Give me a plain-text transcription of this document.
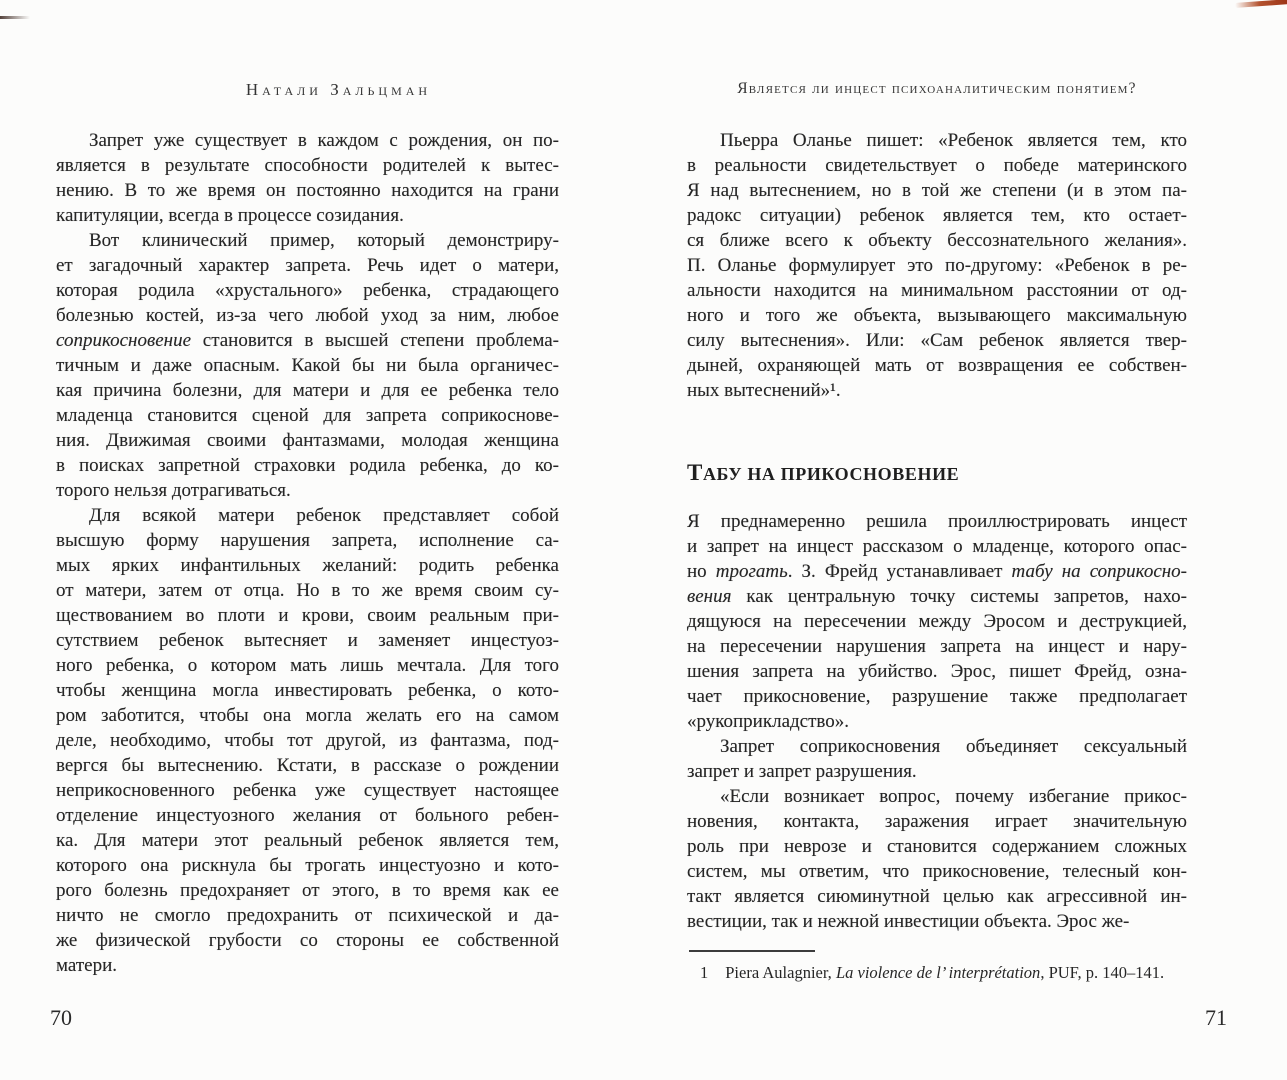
Натали Зальцман
Запрет уже существует в каждом с рождения, он по-
является в результате способности родителей к вытес-
нению. В то же время он постоянно находится на грани
капитуляции, всегда в процессе созидания.
Вот клинический пример, который демонстриру-
ет загадочный характер запрета. Речь идет о матери,
которая родила «хрустального» ребенка, страдающего
болезнью костей, из-за чего любой уход за ним, любое
соприкосновение становится в высшей степени проблема-
тичным и даже опасным. Какой бы ни была органичес-
кая причина болезни, для матери и для ее ребенка тело
младенца становится сценой для запрета соприкоснове-
ния. Движимая своими фантазмами, молодая женщина
в поисках запретной страховки родила ребенка, до ко-
торого нельзя дотрагиваться.
Для всякой матери ребенок представляет собой
высшую форму нарушения запрета, исполнение са-
мых ярких инфантильных желаний: родить ребенка
от матери, затем от отца. Но в то же время своим су-
ществованием во плоти и крови, своим реальным при-
сутствием ребенок вытесняет и заменяет инцестуоз-
ного ребенка, о котором мать лишь мечтала. Для того
чтобы женщина могла инвестировать ребенка, о кото-
ром заботится, чтобы она могла желать его на самом
деле, необходимо, чтобы тот другой, из фантазма, под-
вергся бы вытеснению. Кстати, в рассказе о рождении
неприкосновенного ребенка уже существует настоящее
отделение инцестуозного желания от больного ребен-
ка. Для матери этот реальный ребенок является тем,
которого она рискнула бы трогать инцестуозно и кото-
рого болезнь предохраняет от этого, в то время как ее
ничто не смогло предохранить от психической и да-
же физической грубости со стороны ее собственной
матери.
70
Является ли инцест психоаналитическим понятием?
Пьерра Оланье пишет: «Ребенок является тем, кто
в реальности свидетельствует о победе материнского
Я над вытеснением, но в той же степени (и в этом па-
радокс ситуации) ребенок является тем, кто остает-
ся ближе всего к объекту бессознательного желания».
П. Оланье формулирует это по-другому: «Ребенок в ре-
альности находится на минимальном расстоянии от од-
ного и того же объекта, вызывающего максимальную
силу вытеснения». Или: «Сам ребенок является твер-
дыней, охраняющей мать от возвращения ее собствен-
ных вытеснений»¹.
ТАБУ НА ПРИКОСНОВЕНИЕ
Я преднамеренно решила проиллюстрировать инцест
и запрет на инцест рассказом о младенце, которого опас-
но трогать. З. Фрейд устанавливает табу на соприкосно-
вения как центральную точку системы запретов, нахо-
дящуюся на пересечении между Эросом и деструкцией,
на пересечении нарушения запрета на инцест и нару-
шения запрета на убийство. Эрос, пишет Фрейд, озна-
чает прикосновение, разрушение также предполагает
«рукоприкладство».
Запрет соприкосновения объединяет сексуальный
запрет и запрет разрушения.
«Если возникает вопрос, почему избегание прикос-
новения, контакта, заражения играет значительную
роль при неврозе и становится содержанием сложных
систем, мы ответим, что прикосновение, телесный кон-
такт является сиюминутной целью как агрессивной ин-
вестиции, так и нежной инвестиции объекта. Эрос же-
1 Piera Aulagnier, La violence de l’ interprétation, PUF, p. 140–141.
71
